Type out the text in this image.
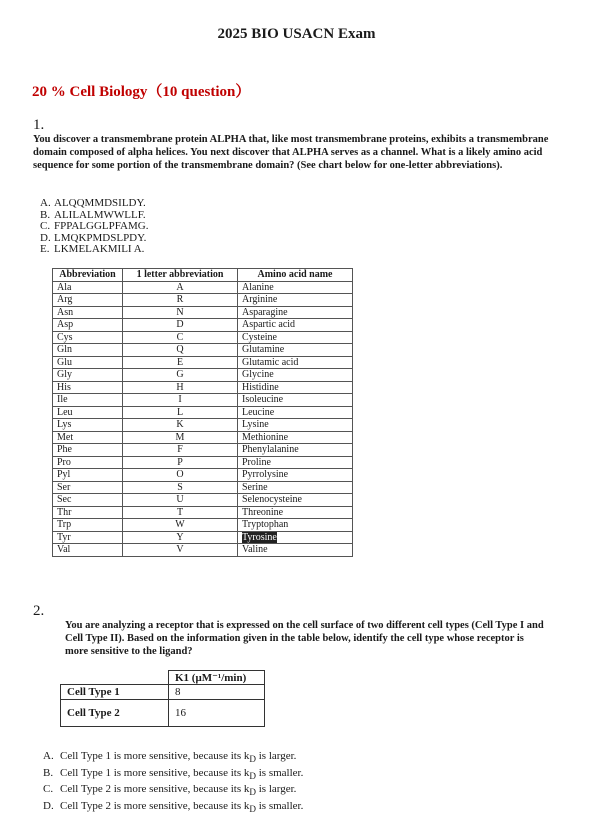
2025 BIO USACN Exam
20 % Cell Biology（10 question）
1.
You discover a transmembrane protein ALPHA that, like most transmembrane proteins, exhibits a transmembrane domain composed of alpha helices. You next discover that ALPHA serves as a channel. What is a likely amino acid sequence for some portion of the transmembrane domain? (See chart below for one-letter abbreviations).
A. ALQQMMDSILDY.
B. ALILALMWWLLF.
C. FPPALGGLPFAMG.
D. LMQKPMDSLPDY.
E. LKMELAKMILI A.
Abbreviation	1 letter abbreviation	Amino acid name
Ala	A	Alanine
Arg	R	Arginine
Asn	N	Asparagine
Asp	D	Aspartic acid
Cys	C	Cysteine
Gln	Q	Glutamine
Glu	E	Glutamic acid
Gly	G	Glycine
His	H	Histidine
Ile	I	Isoleucine
Leu	L	Leucine
Lys	K	Lysine
Met	M	Methionine
Phe	F	Phenylalanine
Pro	P	Proline
Pyl	O	Pyrrolysine
Ser	S	Serine
Sec	U	Selenocysteine
Thr	T	Threonine
Trp	W	Tryptophan
Tyr	Y	Tyrosine
Val	V	Valine
2.
You are analyzing a receptor that is expressed on the cell surface of two different cell types (Cell Type I and Cell Type II). Based on the information given in the table below, identify the cell type whose receptor is more sensitive to the ligand?
	K1 (μM⁻¹/min)
Cell Type 1	8
Cell Type 2	16
A. Cell Type 1 is more sensitive, because its $k_D$ is larger.
B. Cell Type 1 is more sensitive, because its $k_D$ is smaller.
C. Cell Type 2 is more sensitive, because its $k_D$ is larger.
D. Cell Type 2 is more sensitive, because its $k_D$ is smaller.
